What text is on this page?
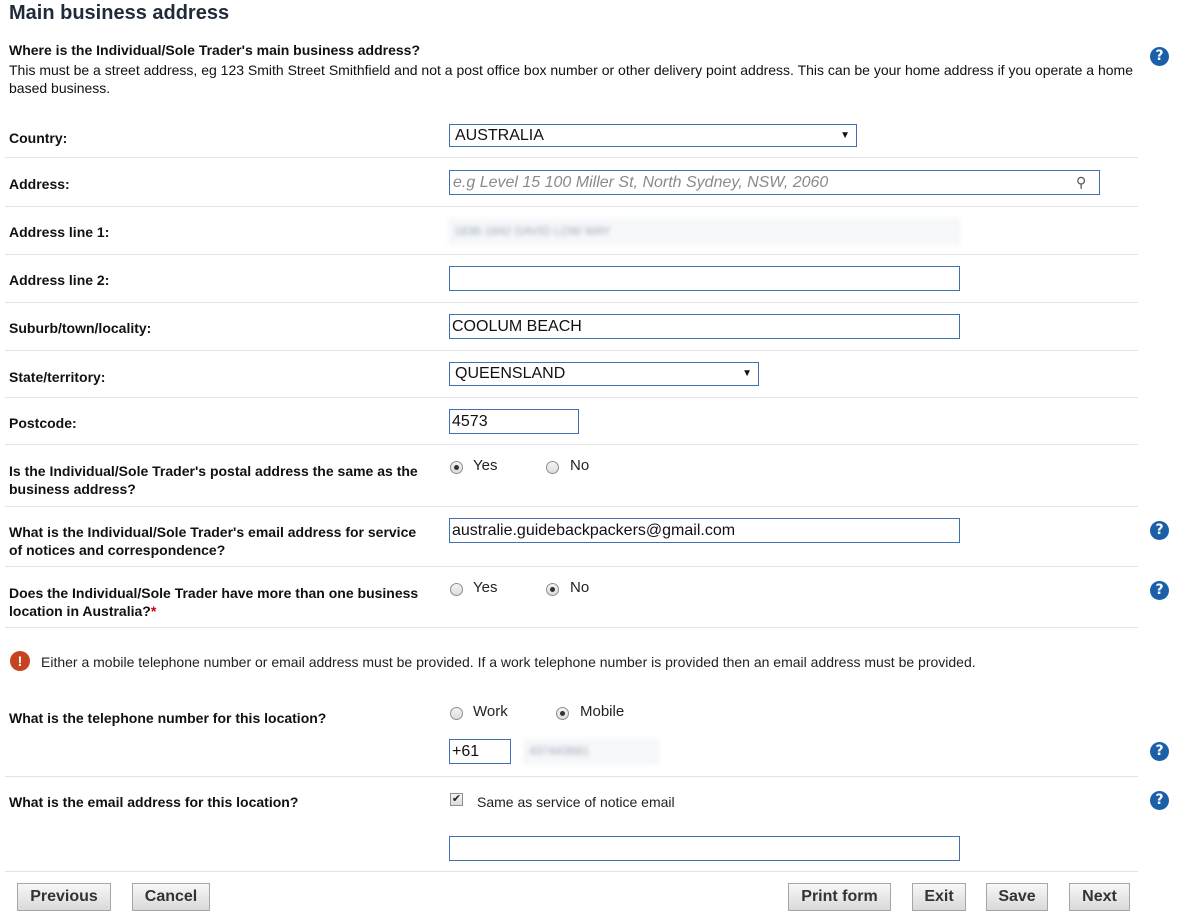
Main business address
Where is the Individual/Sole Trader's main business address?
This must be a street address, eg 123 Smith Street Smithfield and not a post office box number or other delivery point address. This can be your home address if you operate a home based business.
?
Country:	AUSTRALIA	▼
Address:
e.g Level 15 100 Miller St, North Sydney, NSW, 2060	⚲
Address line 1:	1836-1842 DAVID LOW WAY
Address line 2:
Suburb/town/locality:
COOLUM BEACH
State/territory:	QUEENSLAND	▼
Postcode:
4573
Is the Individual/Sole Trader's postal address the same as the business address?
Yes	No
What is the Individual/Sole Trader's email address for service of notices and correspondence?
australie.guidebackpackers@gmail.com
?
Does the Individual/Sole Trader have more than one business location in Australia?*
Yes	No	?
!	Either a mobile telephone number or email address must be provided. If a work telephone number is provided then an email address must be provided.
What is the telephone number for this location?	Work	Mobile
+61
437443661	?
What is the email address for this location?	✔ Same as service of notice email	?
Previous	Cancel	Print form	Exit	Save	Next
